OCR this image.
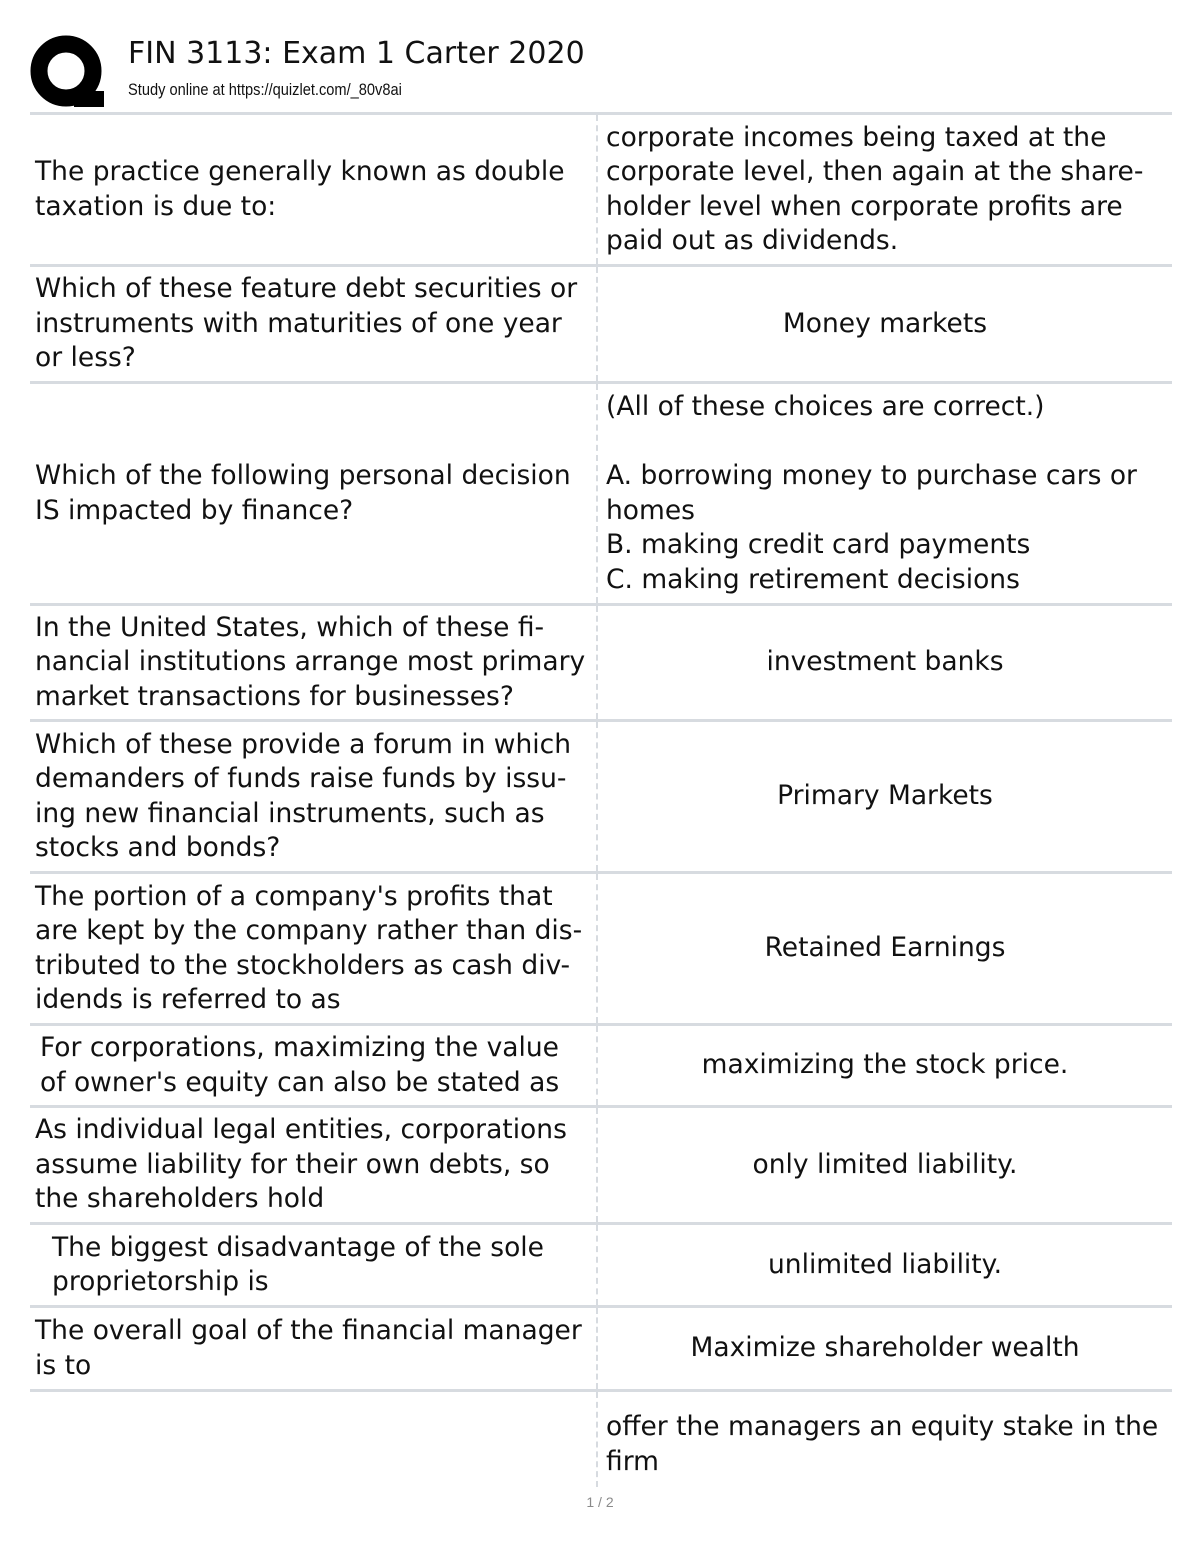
FIN 3113: Exam 1 Carter 2020
Study online at https://quizlet.com/_80v8ai
The practice generally known as double
taxation is due to:
corporate incomes being taxed at the
corporate level, then again at the share-
holder level when corporate profits are
paid out as dividends.
Which of these feature debt securities or
instruments with maturities of one year
or less?
Money markets
Which of the following personal decision
IS impacted by finance?
(All of these choices are correct.)

A. borrowing money to purchase cars or
homes
B. making credit card payments
C. making retirement decisions
In the United States, which of these fi-
nancial institutions arrange most primary
market transactions for businesses?
investment banks
Which of these provide a forum in which
demanders of funds raise funds by issu-
ing new financial instruments, such as
stocks and bonds?
Primary Markets
The portion of a company's profits that
are kept by the company rather than dis-
tributed to the stockholders as cash div-
idends is referred to as
Retained Earnings
For corporations, maximizing the value
of owner's equity can also be stated as
maximizing the stock price.
As individual legal entities, corporations
assume liability for their own debts, so
the shareholders hold
only limited liability.
The biggest disadvantage of the sole
proprietorship is
unlimited liability.
The overall goal of the financial manager
is to
Maximize shareholder wealth
offer the managers an equity stake in the
firm
1 / 2
